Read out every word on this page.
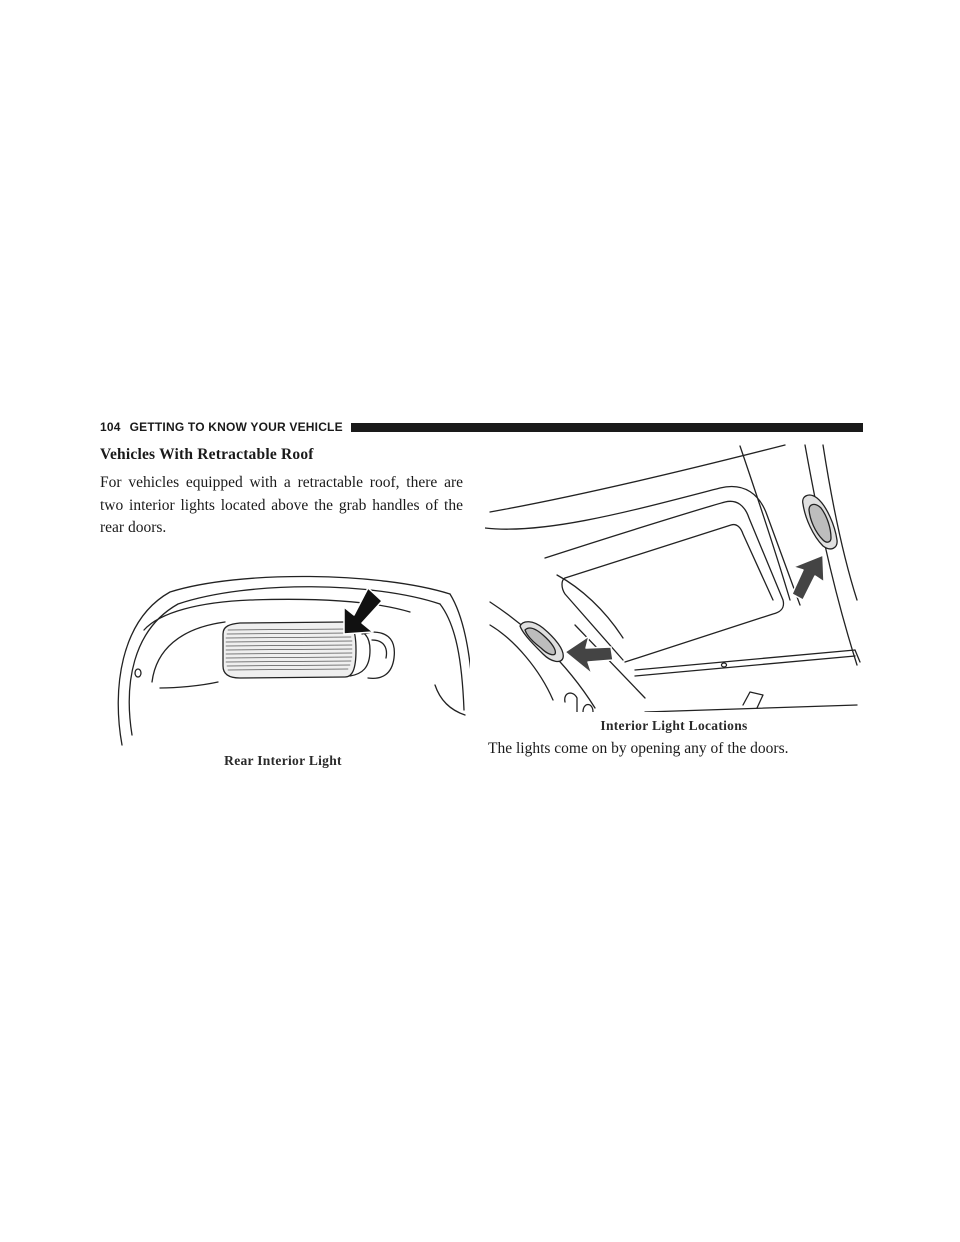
104 GETTING TO KNOW YOUR VEHICLE
Vehicles With Retractable Roof

For vehicles equipped with a retractable roof, there are two interior lights located above the grab handles of the rear doors.

Rear Interior Light

Interior Light Locations

The lights come on by opening any of the doors.
